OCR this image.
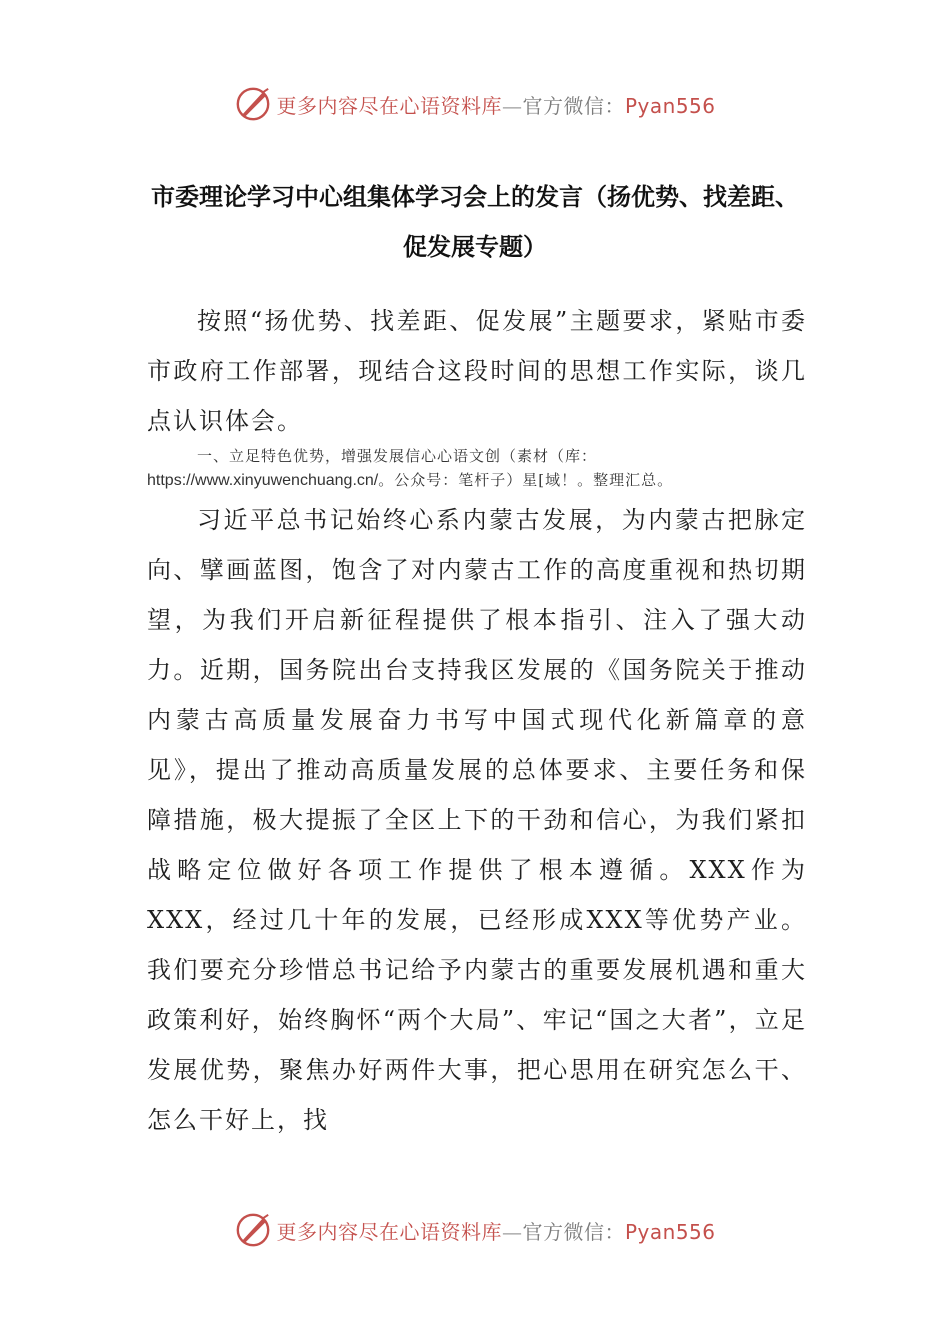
更多内容尽在心语资料库—官方微信：Pyan556
市委理论学习中心组集体学习会上的发言（扬优势、找差距、促发展专题）
按照“扬优势、找差距、促发展”主题要求，紧贴市委市政府工作部署，现结合这段时间的思想工作实际，谈几点认识体会。
一、立足特色优势，增强发展信心心语文创（素材（库：https://www.xinyuwenchuang.cn/。公众号：笔杆子）星[域！。整理汇总。
习近平总书记始终心系内蒙古发展，为内蒙古把脉定向、擘画蓝图，饱含了对内蒙古工作的高度重视和热切期望，为我们开启新征程提供了根本指引、注入了强大动力。近期，国务院出台支持我区发展的《国务院关于推动内蒙古高质量发展奋力书写中国式现代化新篇章的意见》，提出了推动高质量发展的总体要求、主要任务和保障措施，极大提振了全区上下的干劲和信心，为我们紧扣战略定位做好各项工作提供了根本遵循。XXX作为XXX，经过几十年的发展，已经形成XXX等优势产业。我们要充分珍惜总书记给予内蒙古的重要发展机遇和重大政策利好，始终胸怀“两个大局”、牢记“国之大者”，立足发展优势，聚焦办好两件大事，把心思用在研究怎么干、怎么干好上，找
更多内容尽在心语资料库—官方微信：Pyan556
